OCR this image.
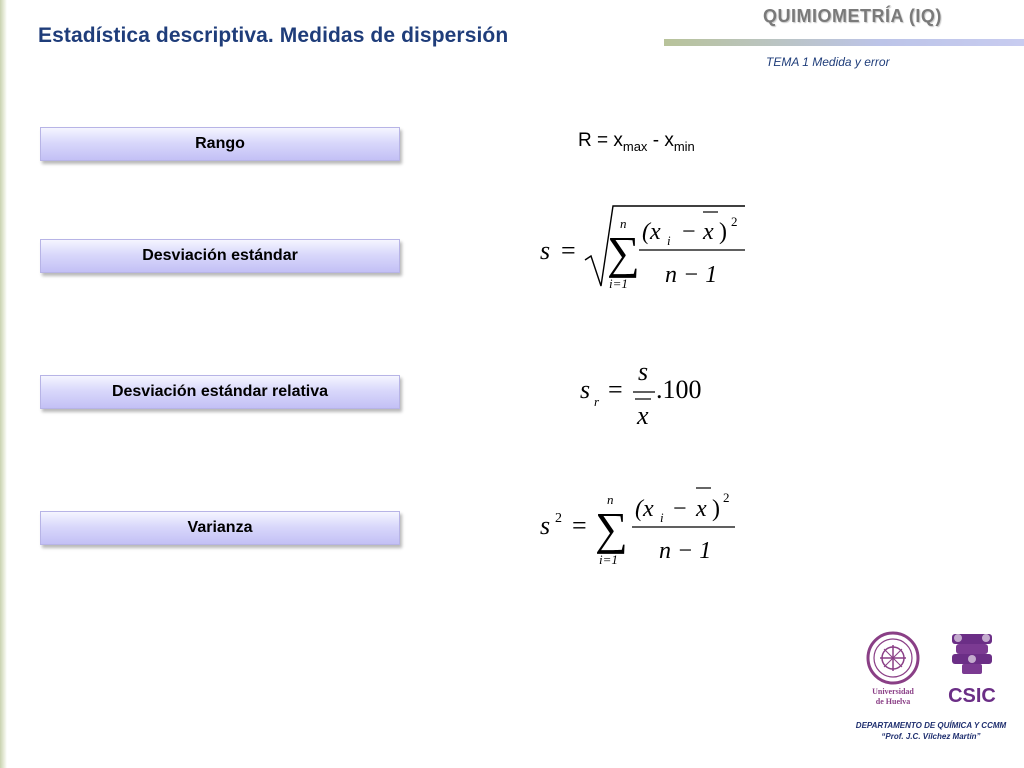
Estadística descriptiva. Medidas de dispersión
QUIMIOMETRÍA (IQ)
TEMA 1 Medida y error
Rango
Desviación estándar
Desviación estándar relativa
Varianza
$R = x_{max} - x_{min}$
s =
n
∑
i=1
(x i − x ) 2
n − 1
s r =
s
x
.100
s 2 =
n
∑
i=1
(x i − x ) 2
n − 1
Universidad
de Huelva CSIC
DEPARTAMENTO DE QUÍMICA Y CCMM
“Prof. J.C. Vílchez Martín”
